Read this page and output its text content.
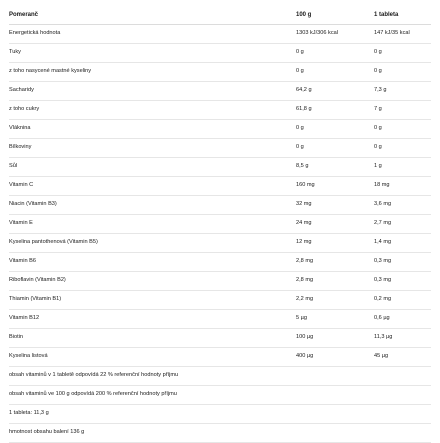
Pomeranč	100 g	1 tableta
Energetická hodnota	1303 kJ/306 kcal	147 kJ/35 kcal
Tuky	0 g	0 g
z toho nasycené mastné kyseliny	0 g	0 g
Sacharidy	64,2 g	7,3 g
z toho cukry	61,8 g	7 g
Vláknina	0 g	0 g
Bílkoviny	0 g	0 g
Sůl	8,5 g	1 g
Vitamin C	160 mg	18 mg
Niacin (Vitamin B3)	32 mg	3,6 mg
Vitamin E	24 mg	2,7 mg
Kyselina pantothenová (Vitamin B5)	12 mg	1,4 mg
Vitamin B6	2,8 mg	0,3 mg
Riboflavin (Vitamin B2)	2,8 mg	0,3 mg
Thiamin (Vitamin B1)	2,2 mg	0,2 mg
Vitamin B12	5 µg	0,6 µg
Biotin	100 µg	11,3 µg
Kyselina listová	400 µg	45 µg
obsah vitaminů v 1 tabletě odpovídá 22 % referenční hodnoty příjmu
obsah vitaminů ve 100 g odpovídá 200 % referenční hodnoty příjmu
1 tableta: 11,3 g
hmotnost obsahu balení 136 g
